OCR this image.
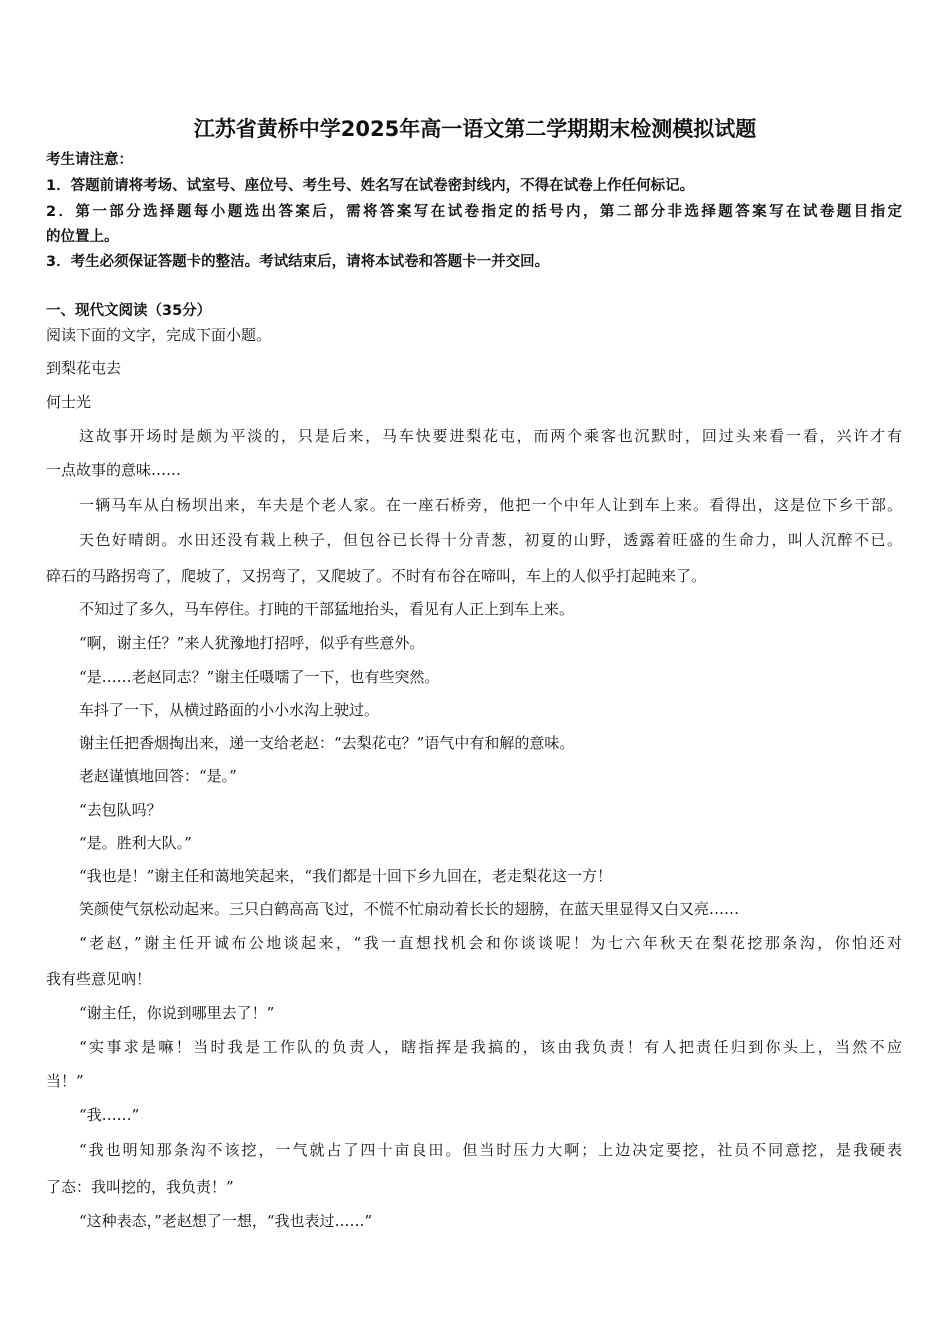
江苏省黄桥中学2025年高一语文第二学期期末检测模拟试题
考生请注意：
1．答题前请将考场、试室号、座位号、考生号、姓名写在试卷密封线内，不得在试卷上作任何标记。
2．第一部分选择题每小题选出答案后，需将答案写在试卷指定的括号内，第二部分非选择题答案写在试卷题目指定
的位置上。
3．考生必须保证答题卡的整洁。考试结束后，请将本试卷和答题卡一并交回。
一、现代文阅读（35分）
阅读下面的文字，完成下面小题。
到梨花屯去
何士光
这故事开场时是颇为平淡的，只是后来，马车快要进梨花屯，而两个乘客也沉默时，回过头来看一看，兴许才有
一点故事的意味……
一辆马车从白杨坝出来，车夫是个老人家。在一座石桥旁，他把一个中年人让到车上来。看得出，这是位下乡干部。
天色好晴朗。水田还没有栽上秧子，但包谷已长得十分青葱，初夏的山野，透露着旺盛的生命力，叫人沉醉不已。
碎石的马路拐弯了，爬坡了，又拐弯了，又爬坡了。不时有布谷在啼叫，车上的人似乎打起盹来了。
不知过了多久，马车停住。打盹的干部猛地抬头，看见有人正上到车上来。
“啊，谢主任？”来人犹豫地打招呼，似乎有些意外。
“是……老赵同志？”谢主任嗫嚅了一下，也有些突然。
车抖了一下，从横过路面的小小水沟上驶过。
谢主任把香烟掏出来，递一支给老赵：“去梨花屯？”语气中有和解的意味。
老赵谨慎地回答：“是。”
“去包队吗？
“是。胜利大队。”
“我也是！”谢主任和蔼地笑起来，“我们都是十回下乡九回在，老走梨花这一方！
笑颜使气氛松动起来。三只白鹤高高飞过，不慌不忙扇动着长长的翅膀，在蓝天里显得又白又亮……
“老赵，”谢主任开诚布公地谈起来，“我一直想找机会和你谈谈呢！为七六年秋天在梨花挖那条沟，你怕还对
我有些意见吶！
“谢主任，你说到哪里去了！”
“实事求是嘛！当时我是工作队的负责人，瞎指挥是我搞的，该由我负责！有人把责任归到你头上，当然不应
当！”
“我……”
“我也明知那条沟不该挖，一气就占了四十亩良田。但当时压力大啊；上边决定要挖，社员不同意挖，是我硬表
了态：我叫挖的，我负责！”
“这种表态，”老赵想了一想，“我也表过……”
